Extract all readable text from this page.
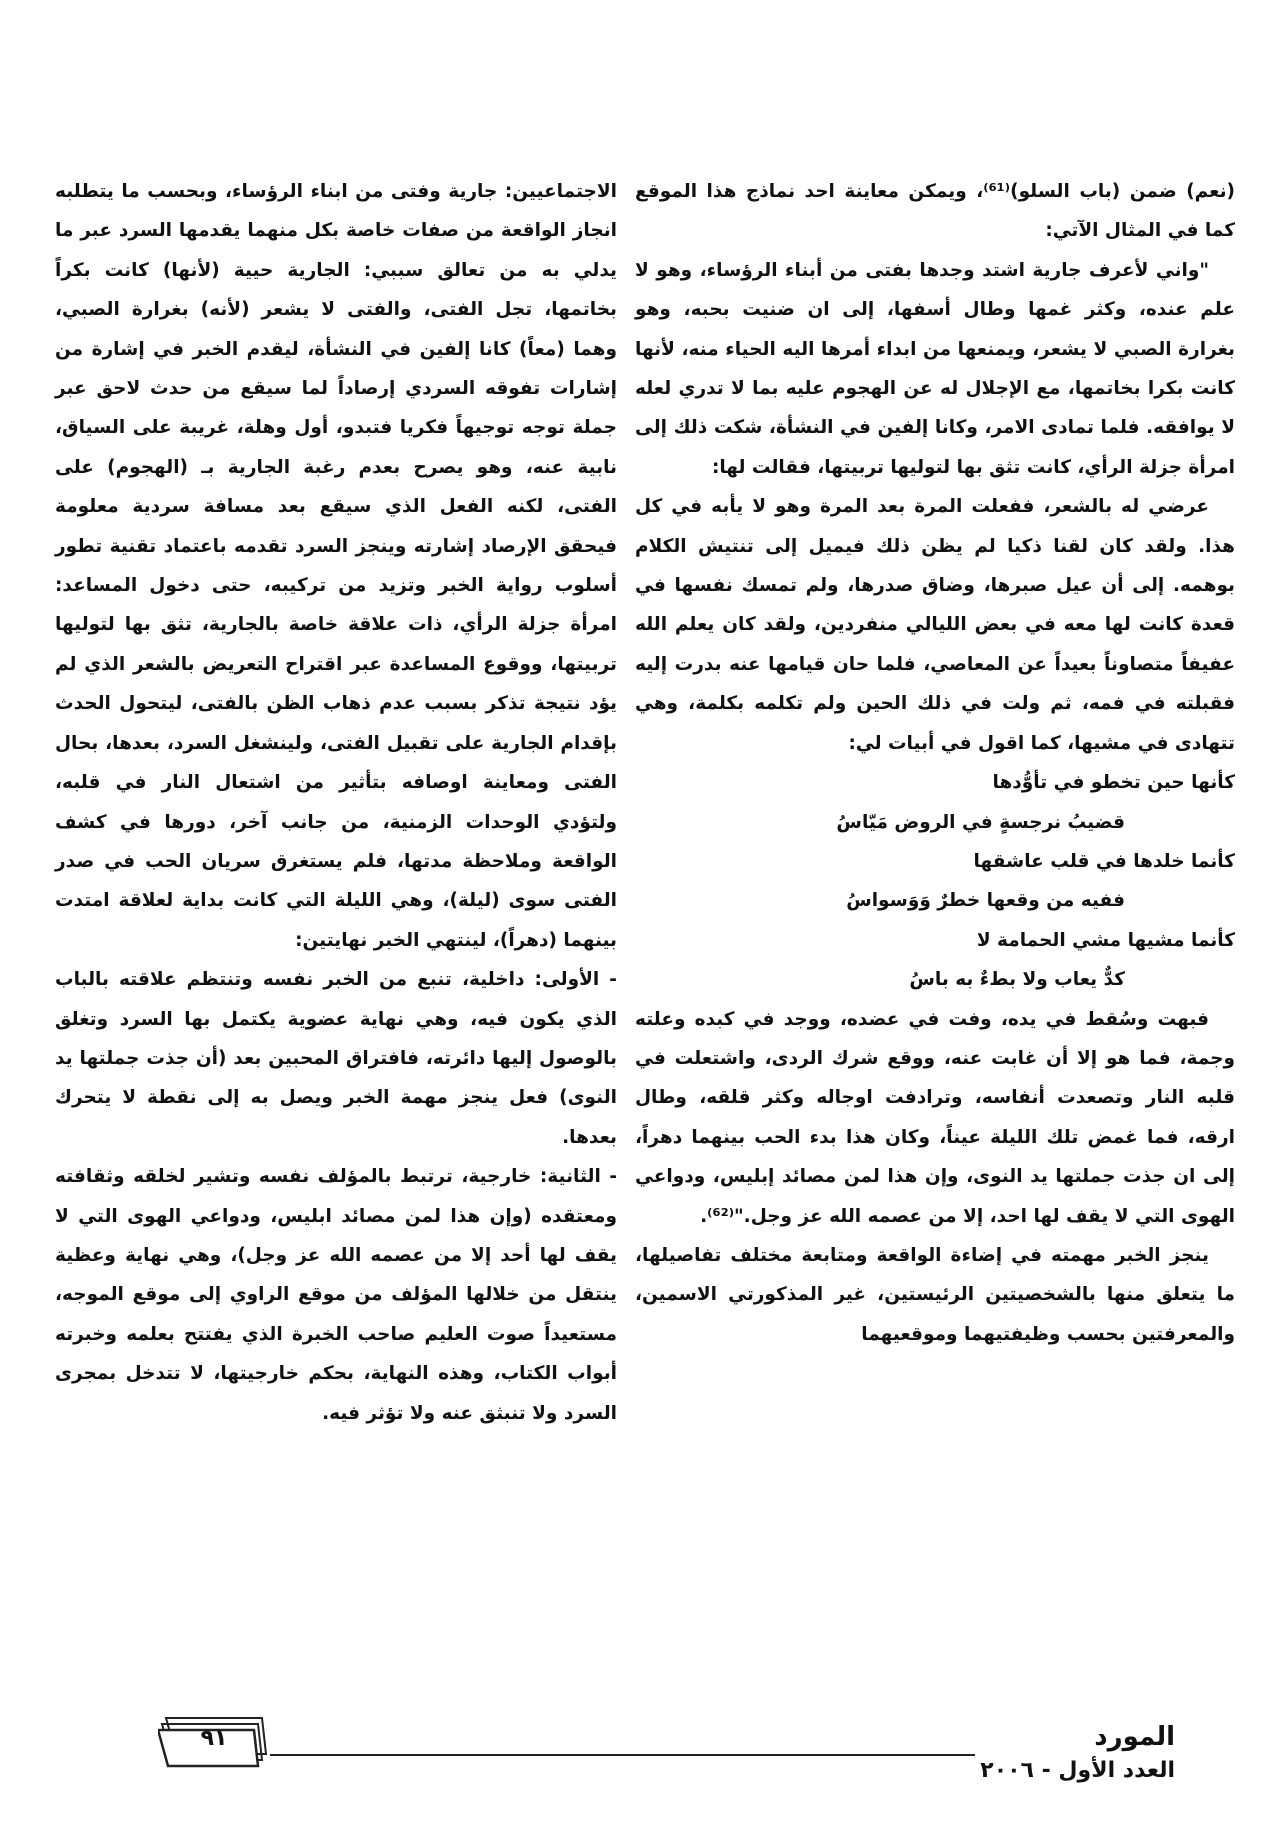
(نعم) ضمن (باب السلو)⁽⁶¹⁾، ويمكن معاينة احد نماذج هذا الموقع كما في المثال الآتي:

"واني لأعرف جارية اشتد وجدها بفتى من أبناء الرؤساء، وهو لا علم عنده، وكثر غمها وطال أسفها، إلى ان ضنيت بحبه، وهو بغرارة الصبي لا يشعر، ويمنعها من ابداء أمرها اليه الحياء منه، لأنها كانت بكرا بخاتمها، مع الإجلال له عن الهجوم عليه بما لا تدري لعله لا يوافقه. فلما تمادى الامر، وكانا إلفين في النشأة، شكت ذلك إلى امرأة جزلة الرأي، كانت تثق بها لتوليها تربيتها، فقالت لها:

عرضي له بالشعر، ففعلت المرة بعد المرة وهو لا يأبه في كل هذا. ولقد كان لقنا ذكيا لم يظن ذلك فيميل إلى تنتيش الكلام بوهمه. إلى أن عيل صبرها، وضاق صدرها، ولم تمسك نفسها في قعدة كانت لها معه في بعض الليالي منفردين، ولقد كان يعلم الله عفيفاً متصاوناً بعيداً عن المعاصي، فلما حان قيامها عنه بدرت إليه فقبلته في فمه، ثم ولت في ذلك الحين ولم تكلمه بكلمة، وهي تتهادى في مشيها، كما اقول في أبيات لي:

كأنها حين تخطو في تأوُّدها

قضيبُ نرجسةٍ في الروض مَيّاسُ

كأنما خلدها في قلب عاشقها

ففيه من وقعها خطرٌ وَوَسواسُ

كأنما مشيها مشي الحمامة لا

كدٌّ يعاب ولا بطءٌ به باسُ

فبهت وسُقط في يده، وفت في عضده، ووجد في كبده وعلته وجمة، فما هو إلا أن غابت عنه، ووقع شرك الردى، واشتعلت في قلبه النار وتصعدت أنفاسه، وترادفت اوجاله وكثر قلقه، وطال ارقه، فما غمض تلك الليلة عيناً، وكان هذا بدء الحب بينهما دهراً، إلى ان جذت جملتها يد النوى، وإن هذا لمن مصائد إبليس، ودواعي الهوى التي لا يقف لها احد، إلا من عصمه الله عز وجل."⁽⁶²⁾.

ينجز الخبر مهمته في إضاءة الواقعة ومتابعة مختلف تفاصيلها، ما يتعلق منها بالشخصيتين الرئيستين، غير المذكورتي الاسمين، والمعرفتين بحسب وظيفتيهما وموقعيهما

الاجتماعيين: جارية وفتى من ابناء الرؤساء، وبحسب ما يتطلبه انجاز الواقعة من صفات خاصة بكل منهما يقدمها السرد عبر ما يدلي به من تعالق سببي: الجارية حيية (لأنها) كانت بكراً بخاتمها، تجل الفتى، والفتى لا يشعر (لأنه) بغرارة الصبي، وهما (معاً) كانا إلفين في النشأة، ليقدم الخبر في إشارة من إشارات تفوقه السردي إرصاداً لما سيقع من حدث لاحق عبر جملة توجه توجيهاً فكريا فتبدو، أول وهلة، غريبة على السياق، نابية عنه، وهو يصرح بعدم رغبة الجارية بـ (الهجوم) على الفتى، لكنه الفعل الذي سيقع بعد مسافة سردية معلومة فيحقق الإرصاد إشارته وينجز السرد تقدمه باعتماد تقنية تطور أسلوب رواية الخبر وتزيد من تركيبه، حتى دخول المساعد: امرأة جزلة الرأي، ذات علاقة خاصة بالجارية، تثق بها لتوليها تربيتها، ووقوع المساعدة عبر اقتراح التعريض بالشعر الذي لم يؤد نتيجة تذكر بسبب عدم ذهاب الظن بالفتى، ليتحول الحدث بإقدام الجارية على تقبيل الفتى، ولينشغل السرد، بعدها، بحال الفتى ومعاينة اوصافه بتأثير من اشتعال النار في قلبه، ولتؤدي الوحدات الزمنية، من جانب آخر، دورها في كشف الواقعة وملاحظة مدتها، فلم يستغرق سريان الحب في صدر الفتى سوى (ليلة)، وهي الليلة التي كانت بداية لعلاقة امتدت بينهما (دهراً)، لينتهي الخبر نهايتين:

- الأولى: داخلية، تنبع من الخبر نفسه وتنتظم علاقته بالباب الذي يكون فيه، وهي نهاية عضوية يكتمل بها السرد وتغلق بالوصول إليها دائرته، فافتراق المحبين بعد (أن جذت جملتها يد النوى) فعل ينجز مهمة الخبر ويصل به إلى نقطة لا يتحرك بعدها.

- الثانية: خارجية، ترتبط بالمؤلف نفسه وتشير لخلقه وثقافته ومعتقده (وإن هذا لمن مصائد ابليس، ودواعي الهوى التي لا يقف لها أحد إلا من عصمه الله عز وجل)، وهي نهاية وعظية ينتقل من خلالها المؤلف من موقع الراوي إلى موقع الموجه، مستعيداً صوت العليم صاحب الخبرة الذي يفتتح بعلمه وخبرته أبواب الكتاب، وهذه النهاية، بحكم خارجيتها، لا تتدخل بمجرى السرد ولا تنبثق عنه ولا تؤثر فيه.

٩١	المورد
العدد الأول - ٢٠٠٦
